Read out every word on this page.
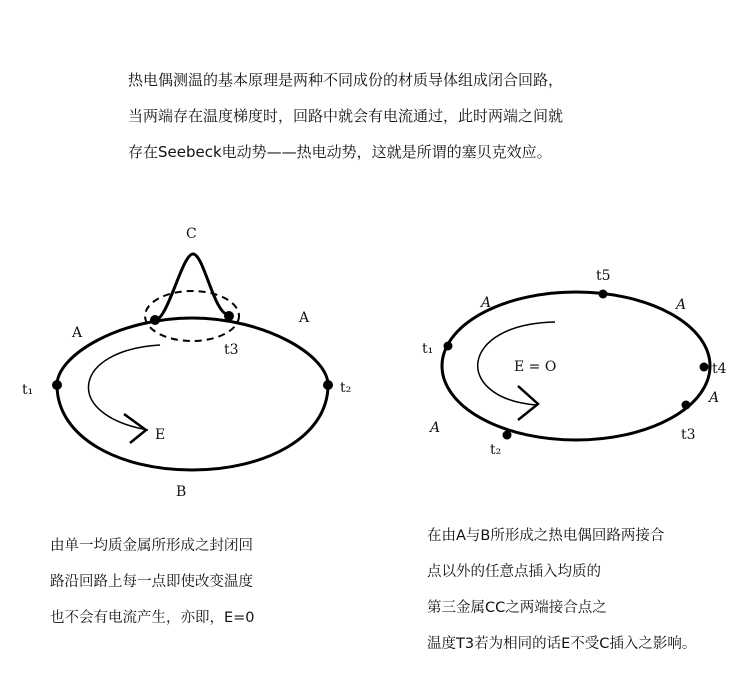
热电偶测温的基本原理是两种不同成份的材质导体组成闭合回路，
当两端存在温度梯度时，回路中就会有电流通过，此时两端之间就
存在Seebeck电动势——热电动势，这就是所谓的塞贝克效应。
C
A
A
B
t₁	t₂
t3
E
t₁
t₂
t3
t4
t5
A	A
A
A
E = O
由单一均质金属所形成之封闭回
路沿回路上每一点即使改变温度
也不会有电流产生，亦即，E=0
在由A与B所形成之热电偶回路两接合
点以外的任意点插入均质的
第三金属CC之两端接合点之
温度T3若为相同的话E不受C插入之影响。
